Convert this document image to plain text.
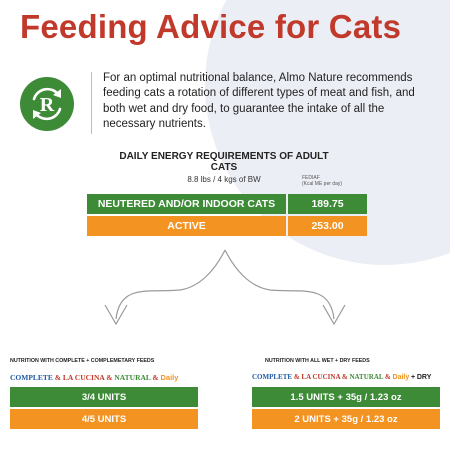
Feeding Advice for Cats
R
For an optimal nutritional balance, Almo Nature recommends feeding cats a rotation of different types of meat and fish, and both wet and dry food, to guarantee the intake of all the necessary nutrients.
DAILY ENERGY REQUIREMENTS OF ADULT CATS
8.8 lbs / 4 kgs of BW	FEDIAF
(Kcal ME per day)
NEUTERED AND/OR INDOOR CATS	189.75
ACTIVE	253.00
NUTRITION WITH COMPLETE + COMPLEMETARY FEEDS
COMPLETE & LA CUCINA & NATURAL & Daily
3/4 UNITS
4/5 UNITS
NUTRITION WITH ALL WET + DRY FEEDS
COMPLETE & LA CUCINA & NATURAL & Daily + DRY
1.5 UNITS + 35g / 1.23 oz
2 UNITS + 35g / 1.23 oz
